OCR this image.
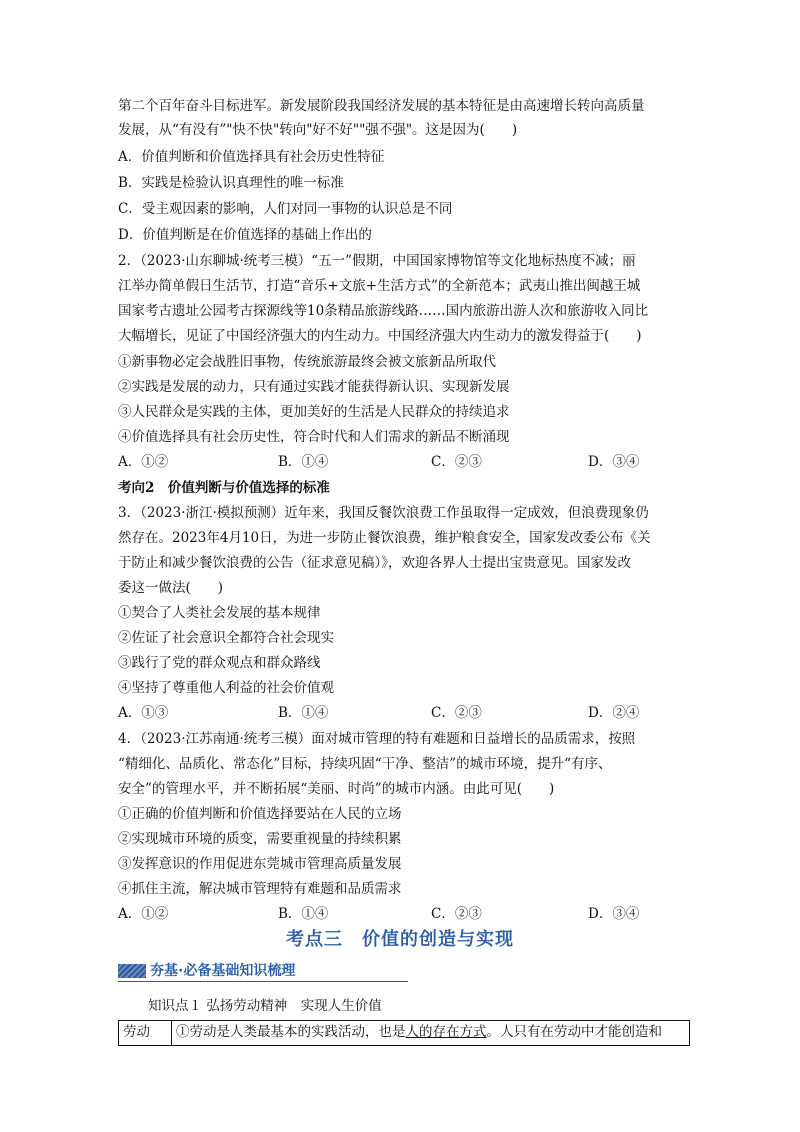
第二个百年奋斗目标进军。新发展阶段我国经济发展的基本特征是由高速增长转向高质量
发展，从“有没有”"快不快"转向"好不好""强不强"。这是因为(　　)
A．价值判断和价值选择具有社会历史性特征
B．实践是检验认识真理性的唯一标准
C．受主观因素的影响，人们对同一事物的认识总是不同
D．价值判断是在价值选择的基础上作出的
2．（2023·山东聊城·统考三模）“五一”假期，中国国家博物馆等文化地标热度不减；丽
江举办简单假日生活节，打造“音乐+文旅+生活方式”的全新范本；武夷山推出闽越王城
国家考古遗址公园考古探源线等10条精品旅游线路……国内旅游出游人次和旅游收入同比
大幅增长，见证了中国经济强大的内生动力。中国经济强大内生动力的激发得益于(　　)
①新事物必定会战胜旧事物，传统旅游最终会被文旅新品所取代
②实践是发展的动力，只有通过实践才能获得新认识、实现新发展
③人民群众是实践的主体，更加美好的生活是人民群众的持续追求
④价值选择具有社会历史性，符合时代和人们需求的新品不断涌现
A．①②	B．①④	C．②③	D．③④
考向2　价值判断与价值选择的标准
3．（2023·浙江·模拟预测）近年来，我国反餐饮浪费工作虽取得一定成效，但浪费现象仍
然存在。2023年4月10日，为进一步防止餐饮浪费，维护粮食安全，国家发改委公布《关
于防止和减少餐饮浪费的公告（征求意见稿）》，欢迎各界人士提出宝贵意见。国家发改
委这一做法(　　)
①契合了人类社会发展的基本规律
②佐证了社会意识全都符合社会现实
③践行了党的群众观点和群众路线
④坚持了尊重他人利益的社会价值观
A．①③	B．①④	C．②③	D．②④
4．（2023·江苏南通·统考三模）面对城市管理的特有难题和日益增长的品质需求，按照
“精细化、品质化、常态化”目标，持续巩固“干净、整洁”的城市环境，提升“有序、
安全”的管理水平，并不断拓展“美丽、时尚”的城市内涵。由此可见(　　)
①正确的价值判断和价值选择要站在人民的立场
②实现城市环境的质变，需要重视量的持续积累
③发挥意识的作用促进东莞城市管理高质量发展
④抓住主流，解决城市管理特有难题和品质需求
A．①②	B．①④	C．②③	D．③④
考点三　价值的创造与实现
夯基·必备基础知识梳理
知识点１ 弘扬劳动精神　实现人生价值
劳动	①劳动是人类最基本的实践活动，也是人的存在方式。人只有在劳动中才能创造和
